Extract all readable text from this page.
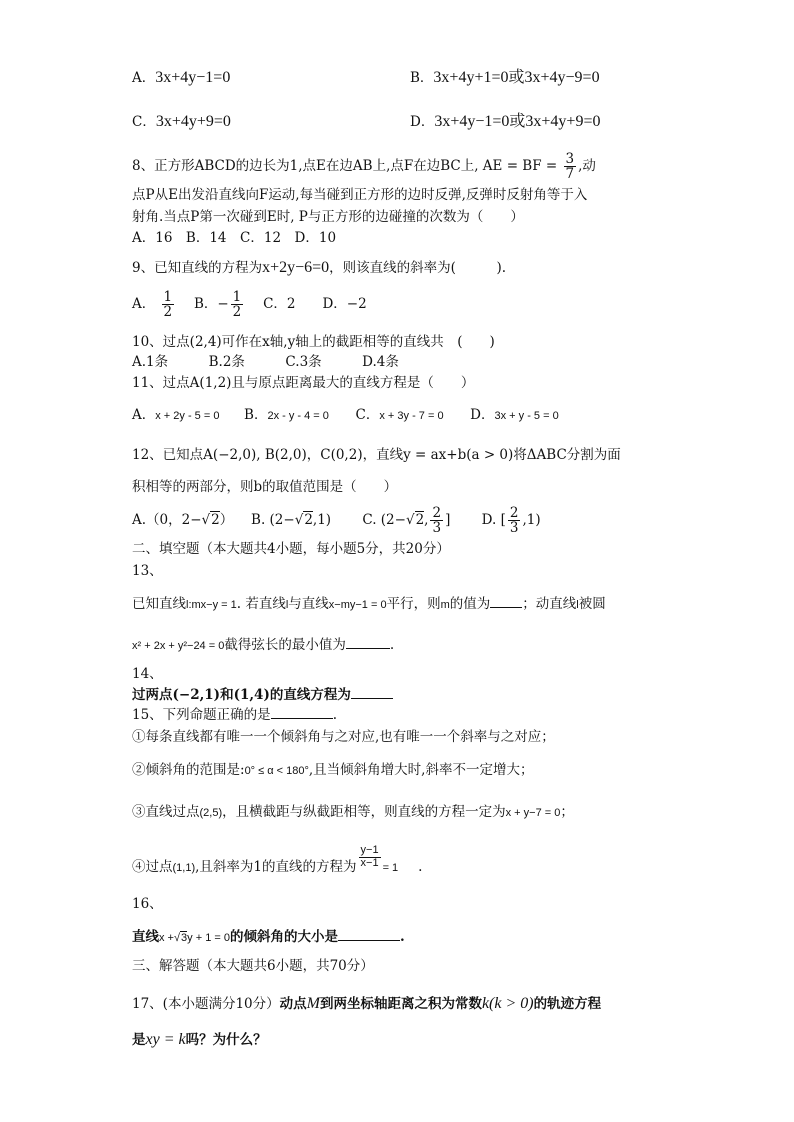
A．3x+4y−1=0	B．3x+4y+1=0或3x+4y−9=0
C．3x+4y+9=0	D．3x+4y−1=0或3x+4y+9=0
8、正方形ABCD的边长为1,点E在边AB上,点F在边BC上, AE = BF = $\frac{3}{7}$ ,动
点P从E出发沿直线向F运动,每当碰到正方形的边时反弹,反弹时反射角等于入
射角.当点P第一次碰到E时, P与正方形的边碰撞的次数为（　　）
A．16　B．14　C．12　D．10
9、已知直线的方程为x+2y−6=0，则该直线的斜率为(　　　).
A． $\frac{1}{2}$
　 B．− $\frac{1}{2}$
　 C．2　　 D．−2
10、过点(2,4)可作在x轴,y轴上的截距相等的直线共　(　　)
A.1条　　　B.2条　　　C.3条　　　D.4条
11、过点A(1,2)且与原点距离最大的直线方程是（　　）
A．x + 2y - 5 = 0 B．2x - y - 4 = 0 C．x + 3y - 7 = 0 D．3x + y - 5 = 0
12、已知点A(−2,0), B(2,0)，C(0,2)，直线y = ax+b(a > 0)将ΔABC分割为面
积相等的两部分，则b的取值范围是（　　）
A.（0，2−√2） 　 B. (2−√2,1) 　　 C. (2−√2, $\frac{2}{3}$ ] 　　 D. [ $\frac{2}{3} ,1$)
二、填空题（本大题共4小题，每小题5分，共20分）
13、
已知直线l:mx−y = 1. 若直线l与直线x−my−1 = 0平行，则m的值为 ；动直线l被圆
x² + 2x + y²−24 = 0截得弦长的最小值为	.
14、
过两点(−2,1)和(1,4)的直线方程为
15、下列命题正确的是	.
①每条直线都有唯一一个倾斜角与之对应,也有唯一一个斜率与之对应；
②倾斜角的范围是:0° ≤ α < 180°,且当倾斜角增大时,斜率不一定增大；
③直线过点(2,5)，且横截距与纵截距相等，则直线的方程一定为x + y−7 = 0；
④过点(1,1),且斜率为1的直线的方程为 $\frac{y-1}{x-1} = 1$ .
16、
直线x +√3y + 1 = 0的倾斜角的大小是	.
三、解答题（本大题共6小题，共70分）
17、(本小题满分10分）动点M到两坐标轴距离之积为常数k(k > 0)的轨迹方程
是xy = k吗？为什么？
